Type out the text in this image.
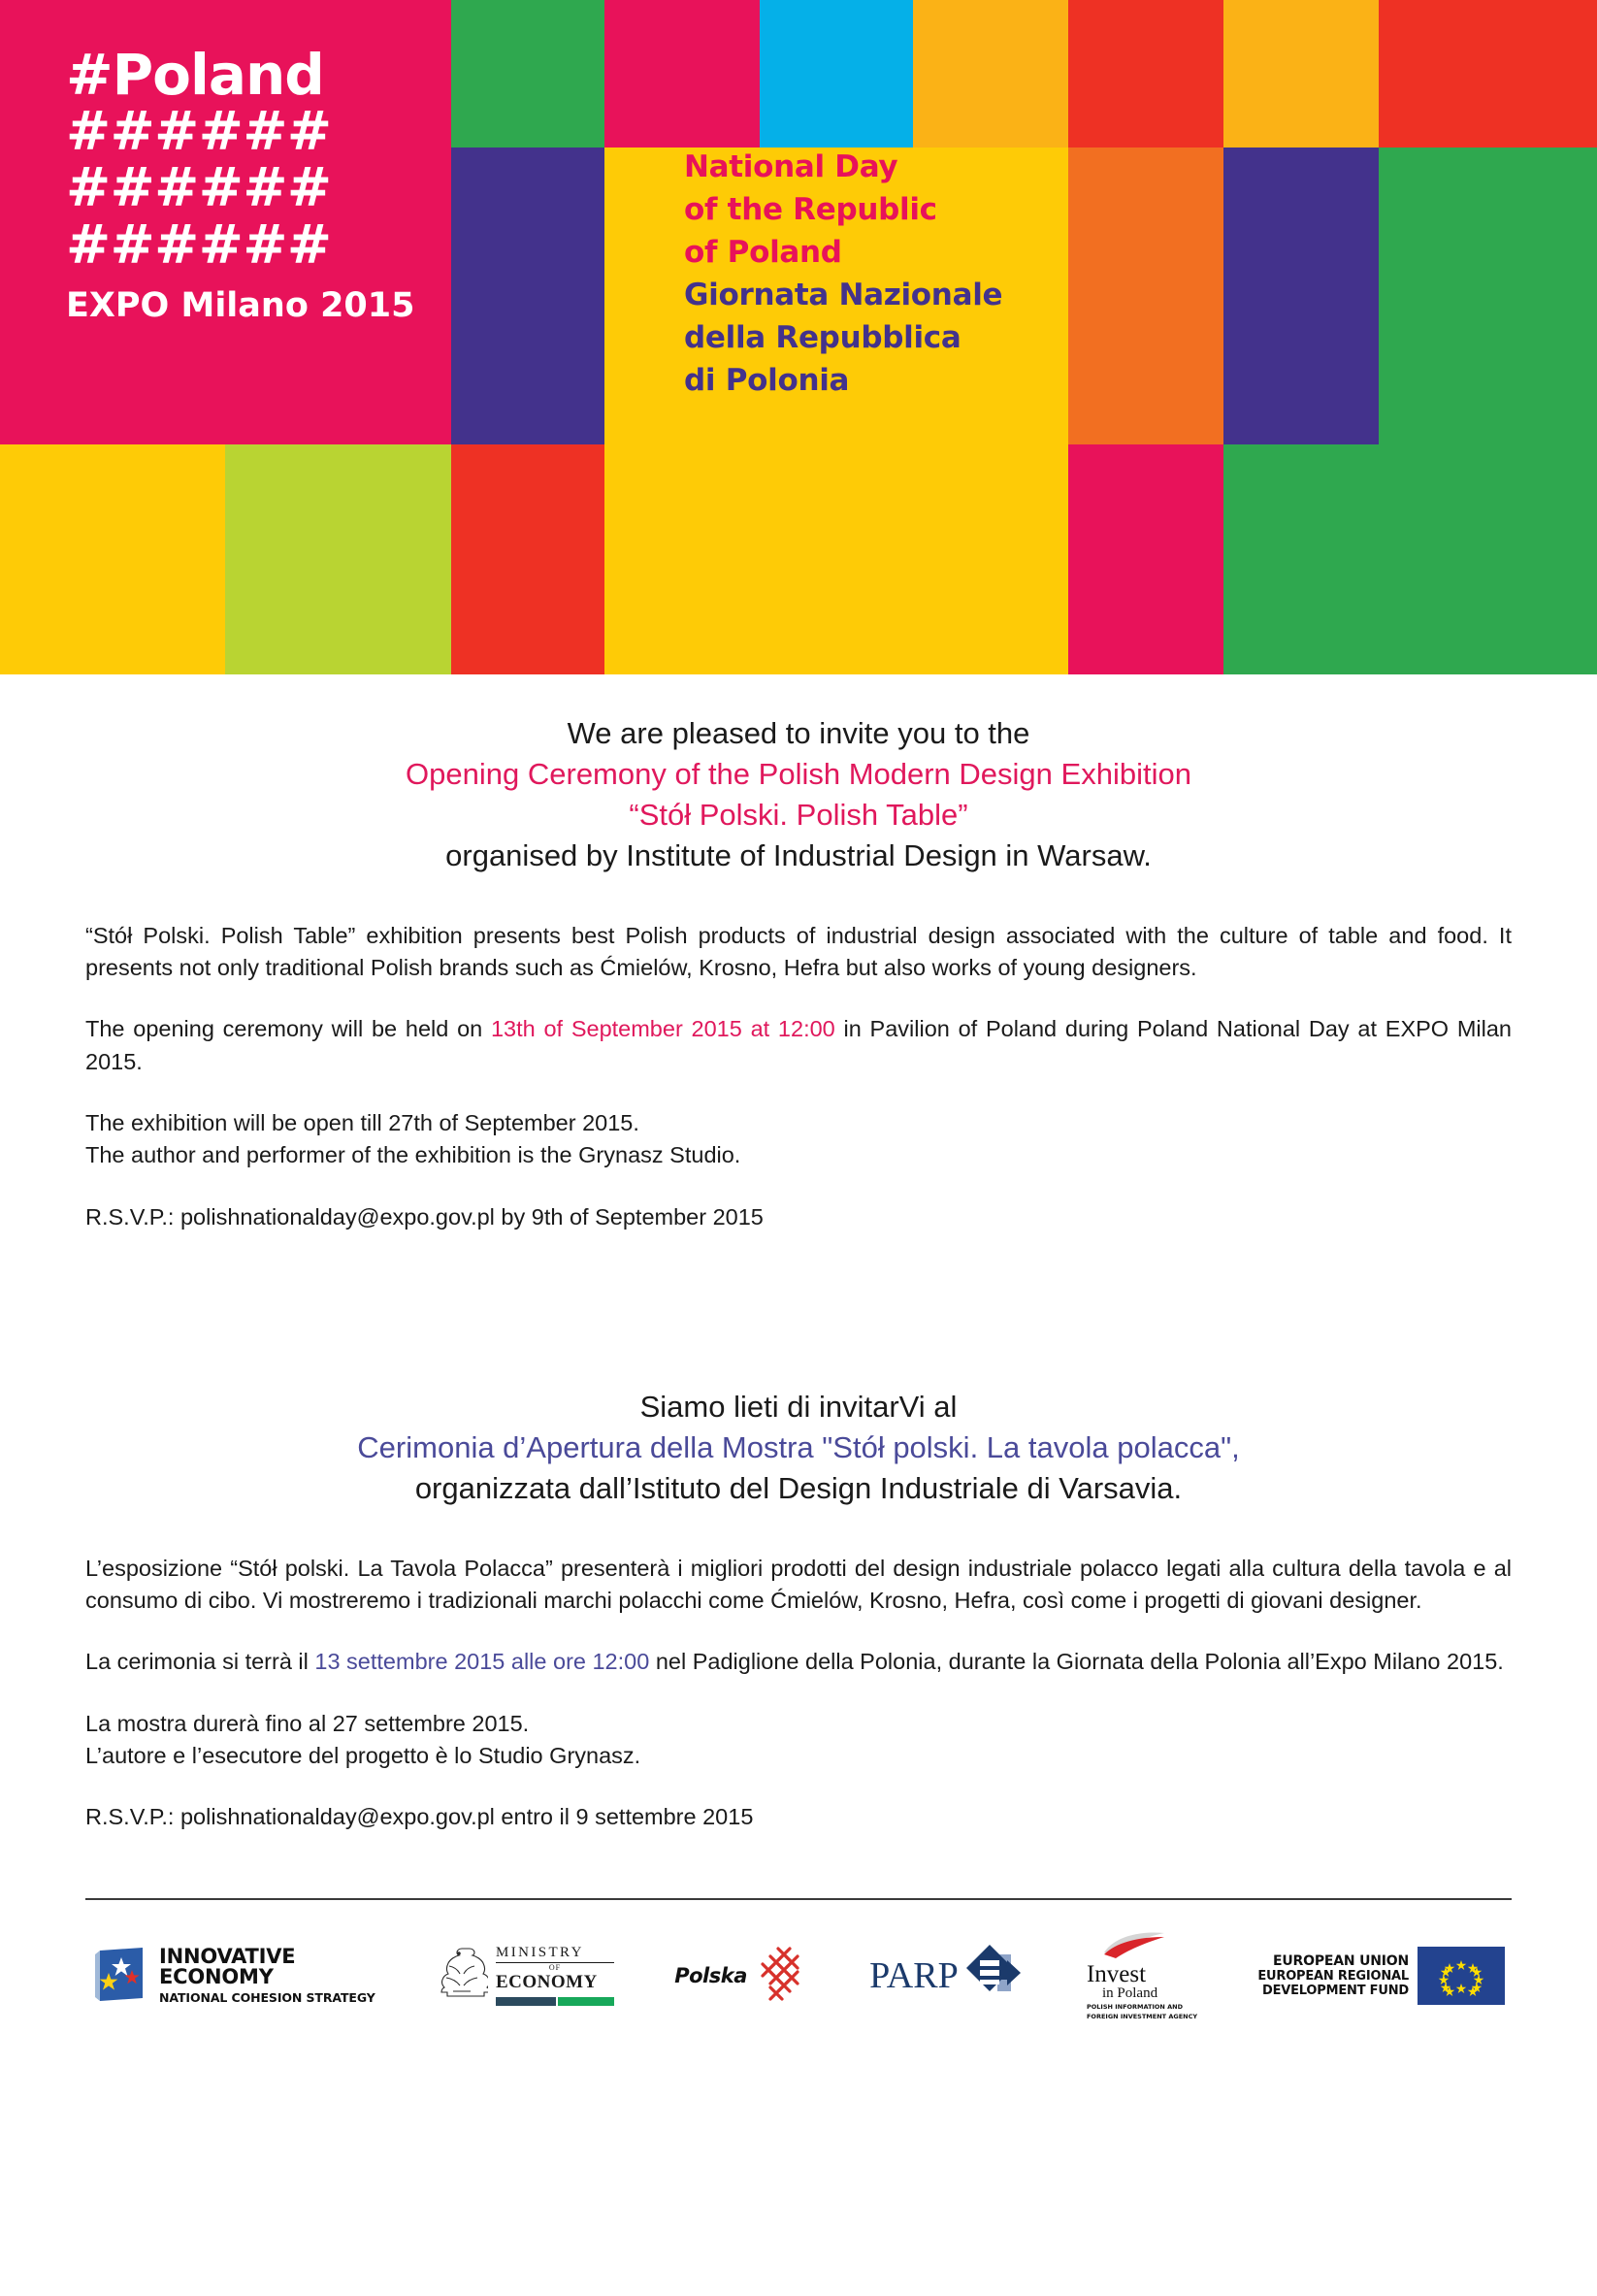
#Poland
######
######
######
EXPO Milano 2015
National Day
of the Republic
of Poland
Giornata Nazionale
della Repubblica
di Polonia
We are pleased to invite you to the
Opening Ceremony of the Polish Modern Design Exhibition
“Stół Polski. Polish Table”
organised by Institute of Industrial Design in Warsaw.
“Stół Polski. Polish Table” exhibition presents best Polish products of industrial design associated with the culture of table and food. It presents not only traditional Polish brands such as Ćmielów, Krosno, Hefra but also works of young designers.
The opening ceremony will be held on 13th of September 2015 at 12:00 in Pavilion of Poland during Poland National Day at EXPO Milan 2015.
The exhibition will be open till 27th of September 2015.
The author and performer of the exhibition is the Grynasz Studio.
R.S.V.P.: polishnationalday@expo.gov.pl by 9th of September 2015
Siamo lieti di invitarVi al
Cerimonia d’Apertura della Mostra "Stół polski. La tavola polacca",
organizzata dall’Istituto del Design Industriale di Varsavia.
L’esposizione “Stół polski. La Tavola Polacca” presenterà i migliori prodotti del design industriale polacco legati alla cultura della tavola e al consumo di cibo. Vi mostreremo i tradizionali marchi polacchi come Ćmielów, Krosno, Hefra, così come i progetti di giovani designer.
La cerimonia si terrà il 13 settembre 2015 alle ore 12:00 nel Padiglione della Polonia, durante la Giornata della Polonia all’Expo Milano 2015.
La mostra durerà fino al 27 settembre 2015.
L’autore e l’esecutore del progetto è lo Studio Grynasz.
R.S.V.P.: polishnationalday@expo.gov.pl entro il 9 settembre 2015
INNOVATIVE
ECONOMY
NATIONAL COHESION STRATEGY
MINISTRY
OF
ECONOMY	Polska	PARP	Invest
in Poland
POLISH INFORMATION AND
FOREIGN INVESTMENT AGENCY
EUROPEAN UNION
EUROPEAN REGIONAL
DEVELOPMENT FUND
